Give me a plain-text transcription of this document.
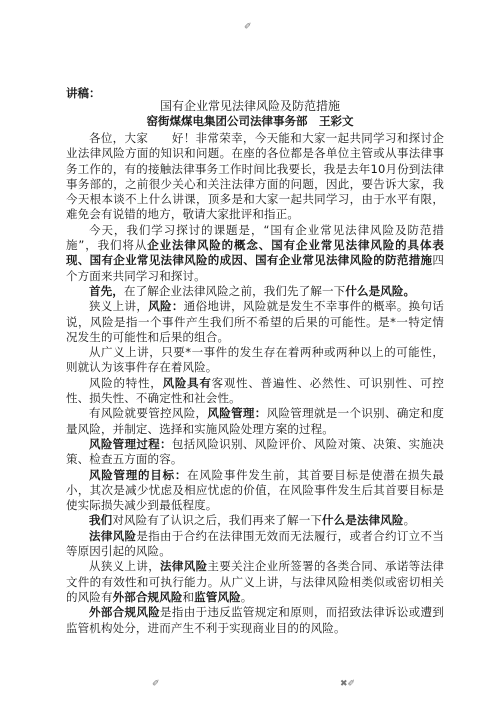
✐
讲稿：
国有企业常见法律风险及防范措施
窑街煤煤电集团公司法律事务部　王彩文

各位，大家　　好！非常荣幸，今天能和大家一起共同学习和探讨企业法律风险方面的知识和问题。在座的各位都是各单位主管或从事法律事务工作的，有的接触法律事务工作时间比我要长，我是去年10月份到法律事务部的，之前很少关心和关注法律方面的问题，因此，要告诉大家，我今天根本谈不上什么讲课，顶多是和大家一起共同学习，由于水平有限，难免会有说错的地方，敬请大家批评和指正。

今天，我们学习探讨的课题是，“国有企业常见法律风险及防范措施”，我们将从企业法律风险的概念、国有企业常见法律风险的具体表现、国有企业常见法律风险的成因、国有企业常见法律风险的防范措施四个方面来共同学习和探讨。

首先，在了解企业法律风险之前，我们先了解一下什么是风险。

狭义上讲，风险：通俗地讲，风险就是发生不幸事件的概率。换句话说，风险是指一个事件产生我们所不希望的后果的可能性。是*一特定情况发生的可能性和后果的组合。

从广义上讲，只要*一事件的发生存在着两种或两种以上的可能性，则就认为该事件存在着风险。

风险的特性，风险具有客观性、普遍性、必然性、可识别性、可控性、损失性、不确定性和社会性。

有风险就要管控风险，风险管理：风险管理就是一个识别、确定和度量风险，并制定、选择和实施风险处理方案的过程。

风险管理过程：包括风险识别、风险评价、风险对策、决策、实施决策、检查五方面的容。

风险管理的目标：在风险事件发生前，其首要目标是使潜在损失最小，其次是减少忧虑及相应忧虑的价值，在风险事件发生后其首要目标是使实际损失减少到最低程度。

我们对风险有了认识之后，我们再来了解一下什么是法律风险。

法律风险是指由于合约在法律围无效而无法履行，或者合约订立不当等原因引起的风险。

从狭义上讲，法律风险主要关注企业所签署的各类合同、承诺等法律文件的有效性和可执行能力。从广义上讲，与法律风险相类似或密切相关的风险有外部合规风险和监管风险。

外部合规风险是指由于违反监管规定和原则，而招致法律诉讼或遭到监管机构处分，进而产生不利于实现商业目的的风险。

✐	✖✐
